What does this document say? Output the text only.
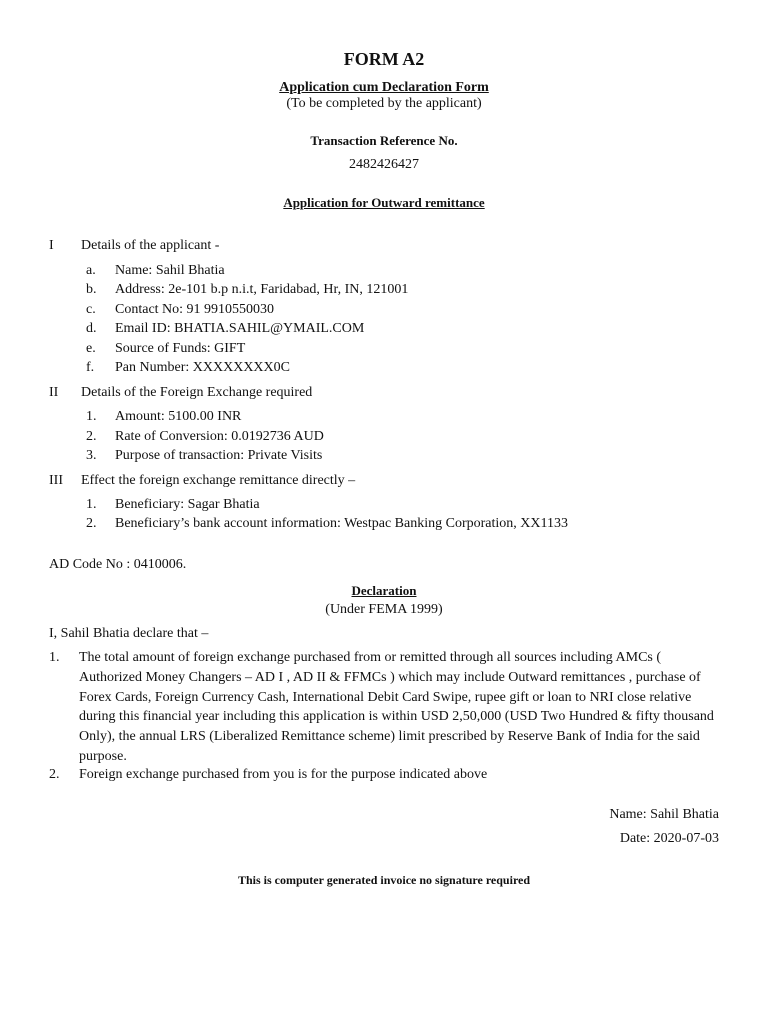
FORM A2
Application cum Declaration Form
(To be completed by the applicant)
Transaction Reference No.
2482426427
Application for Outward remittance
I Details of the applicant -
a. Name: Sahil Bhatia
b. Address: 2e-101 b.p n.i.t, Faridabad, Hr, IN, 121001
c. Contact No: 91 9910550030
d. Email ID: BHATIA.SAHIL@YMAIL.COM
e. Source of Funds: GIFT
f. Pan Number: XXXXXXXX0C
II Details of the Foreign Exchange required
1. Amount: 5100.00 INR
2. Rate of Conversion: 0.0192736 AUD
3. Purpose of transaction: Private Visits
III Effect the foreign exchange remittance directly –
1. Beneficiary: Sagar Bhatia
2. Beneficiary’s bank account information: Westpac Banking Corporation, XX1133
AD Code No : 0410006.
Declaration
(Under FEMA 1999)
I, Sahil Bhatia declare that –
1. The total amount of foreign exchange purchased from or remitted through all sources including AMCs ( Authorized Money Changers – AD I , AD II & FFMCs ) which may include Outward remittances , purchase of Forex Cards, Foreign Currency Cash, International Debit Card Swipe, rupee gift or loan to NRI close relative during this financial year including this application is within USD 2,50,000 (USD Two Hundred & fifty thousand Only), the annual LRS (Liberalized Remittance scheme) limit prescribed by Reserve Bank of India for the said purpose.
2. Foreign exchange purchased from you is for the purpose indicated above
Name: Sahil Bhatia
Date: 2020-07-03
This is computer generated invoice no signature required
